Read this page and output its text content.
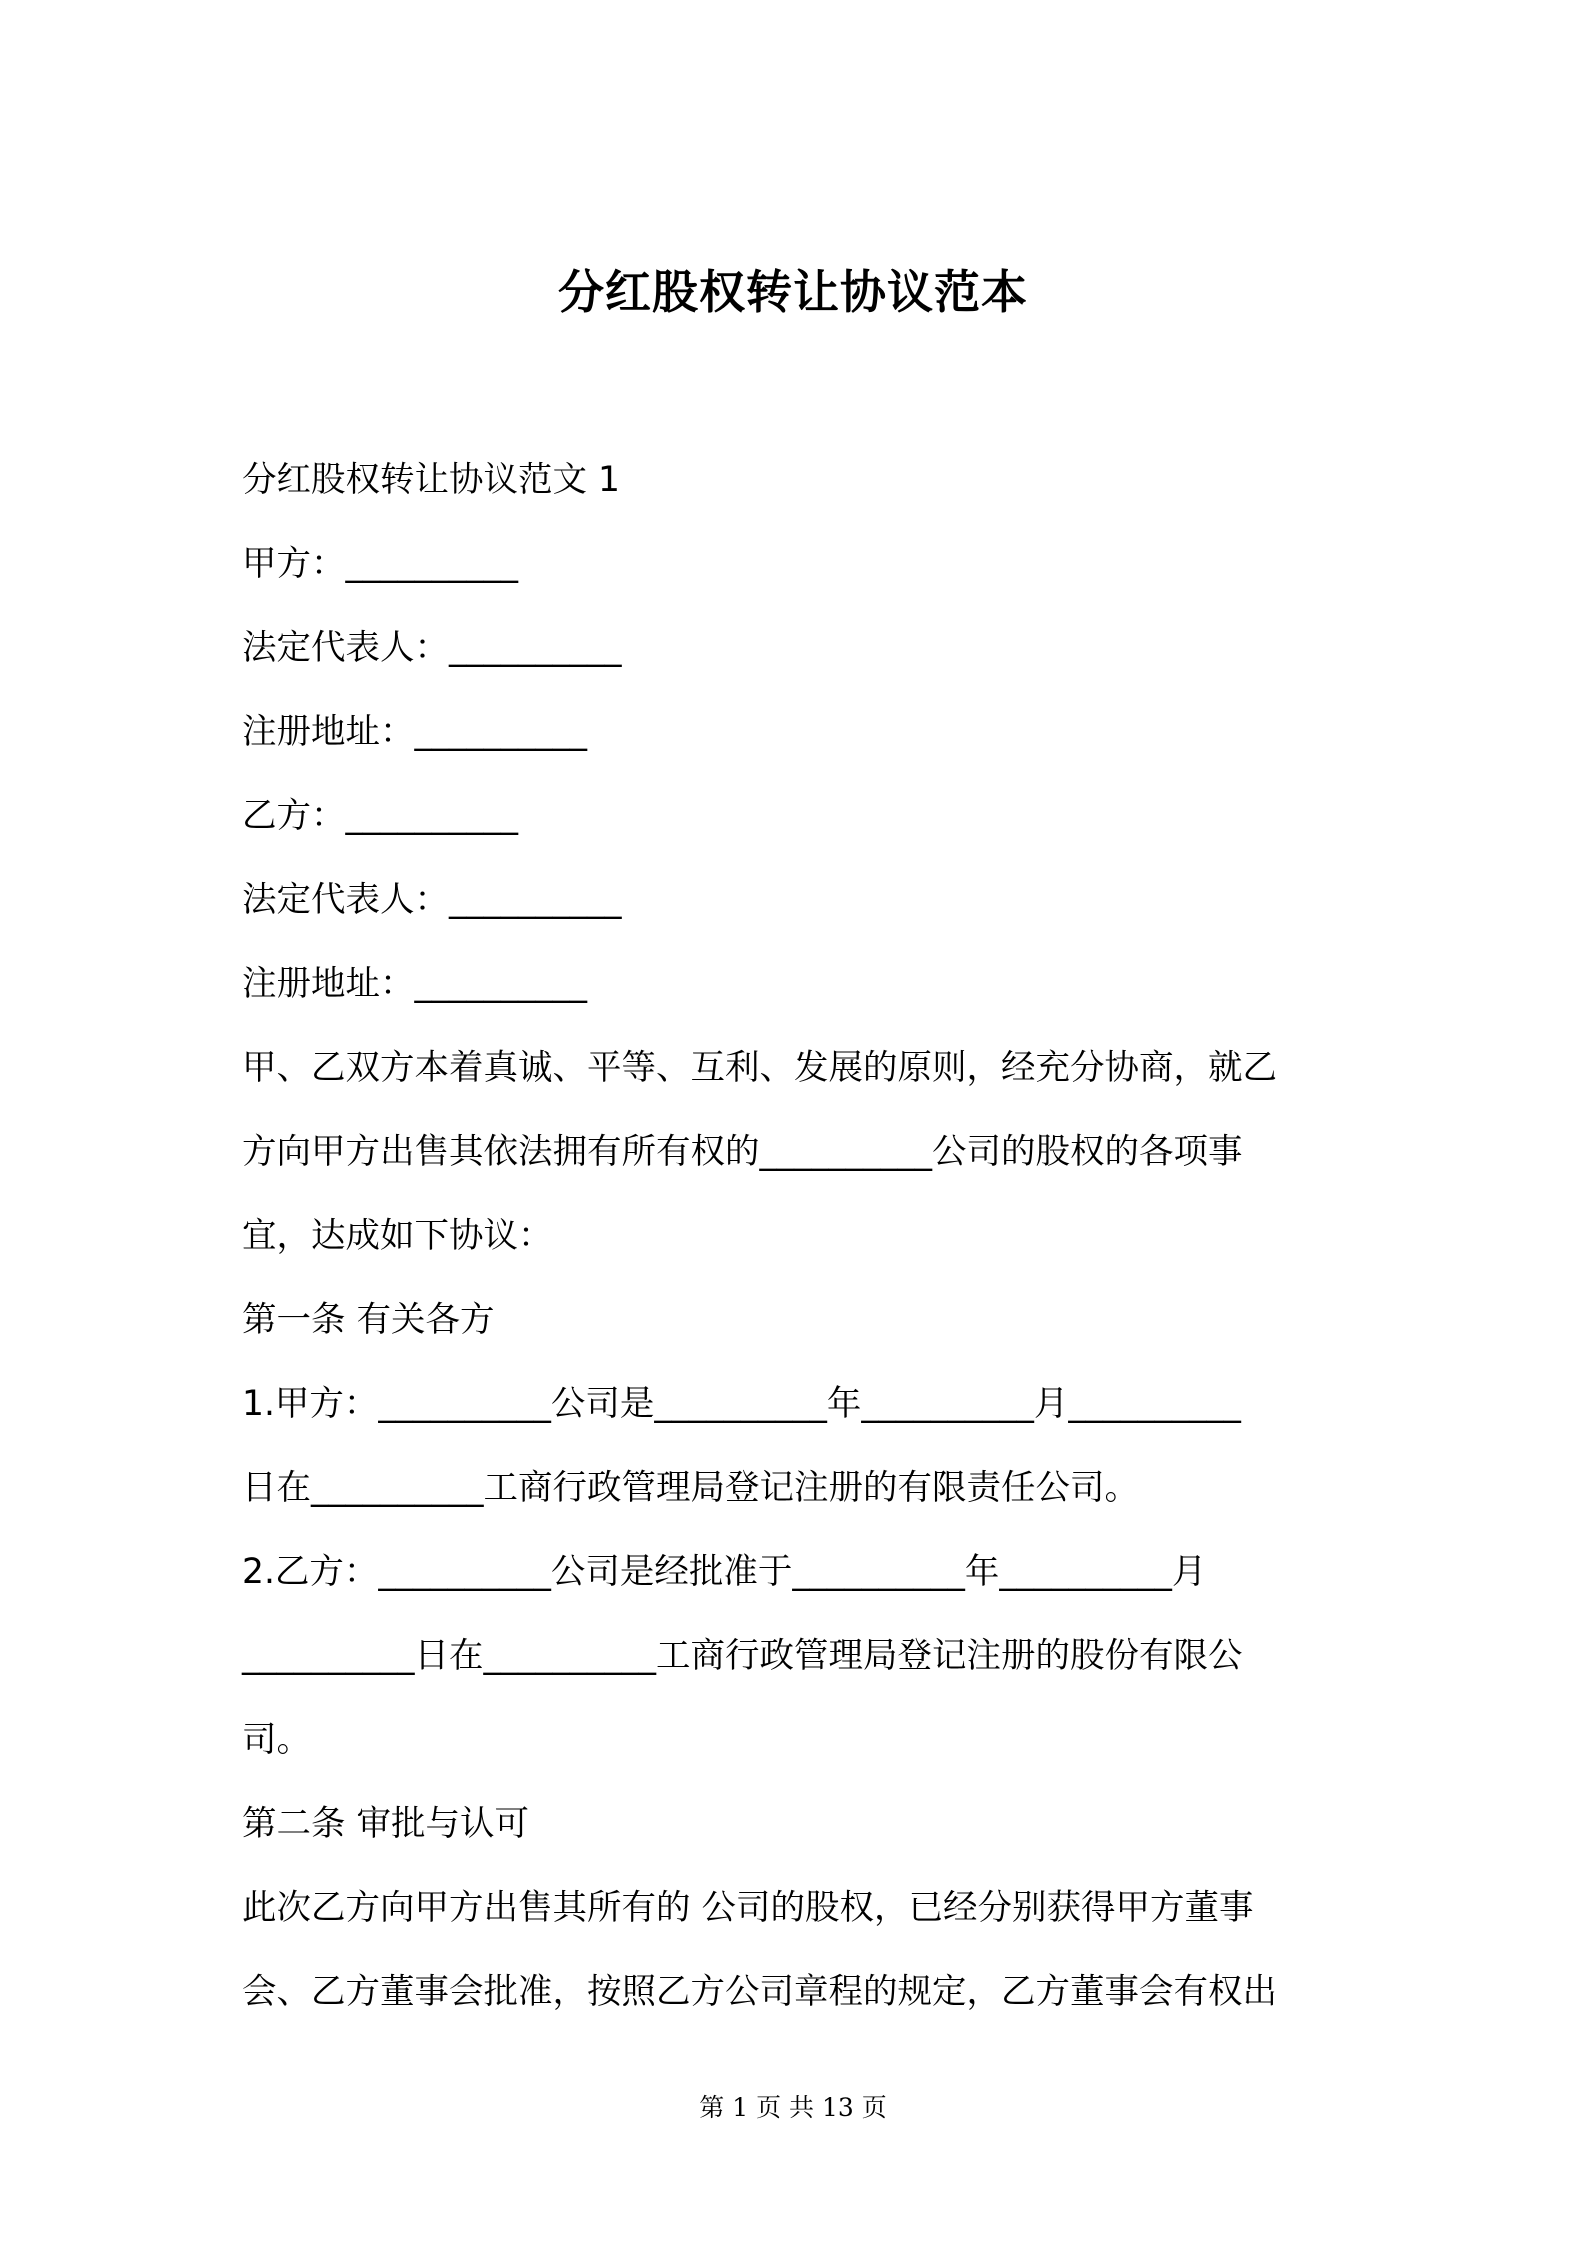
分红股权转让协议范本
分红股权转让协议范文 1
甲方：__________
法定代表人：__________
注册地址：__________
乙方：__________
法定代表人：__________
注册地址：__________
甲、乙双方本着真诚、平等、互利、发展的原则，经充分协商，就乙
方向甲方出售其依法拥有所有权的__________公司的股权的各项事
宜，达成如下协议：
第一条 有关各方
1.甲方：__________公司是__________年__________月__________
日在__________工商行政管理局登记注册的有限责任公司。
2.乙方：__________公司是经批准于__________年__________月
__________日在__________工商行政管理局登记注册的股份有限公
司。
第二条 审批与认可
此次乙方向甲方出售其所有的 公司的股权，已经分别获得甲方董事
会、乙方董事会批准，按照乙方公司章程的规定，乙方董事会有权出
第 1 页 共 13 页
